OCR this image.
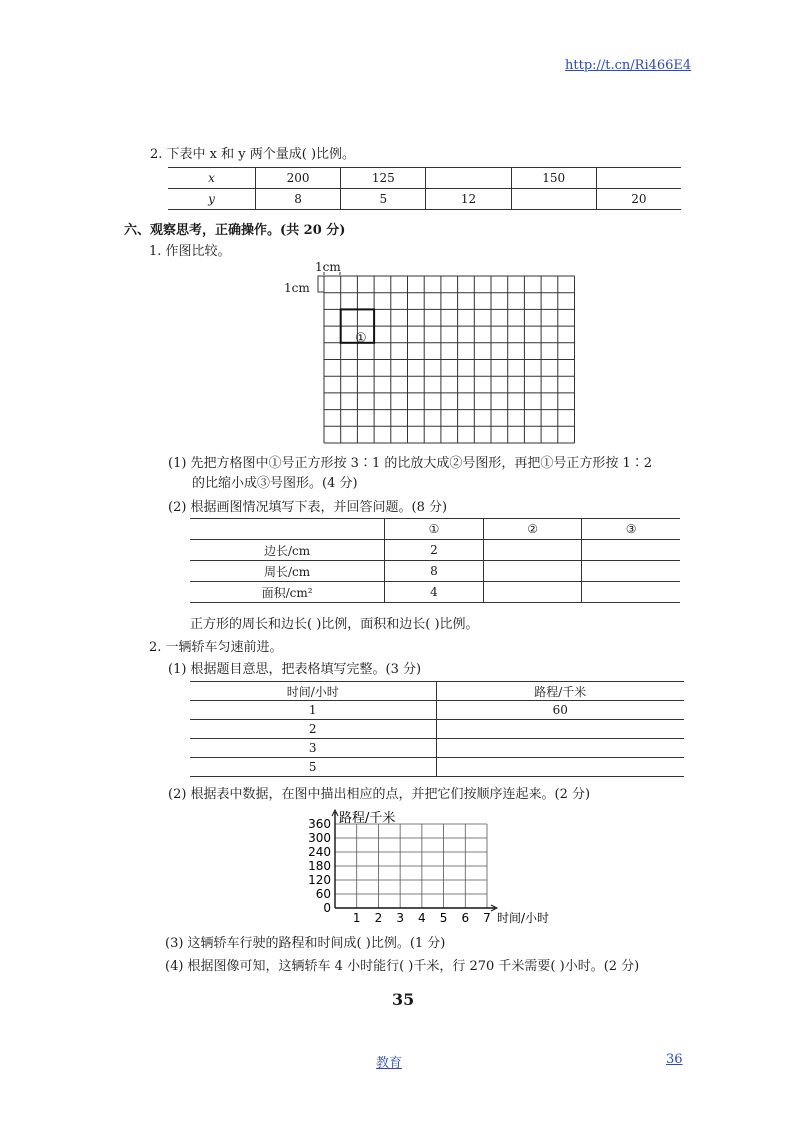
http://t.cn/Ri466E4
2. 下表中 x 和 y 两个量成( )比例。
x	200	125		150	
y	8	5	12		20
六、观察思考，正确操作。(共 20 分)
1. 作图比较。
1cm
1cm
①
(1) 先把方格图中①号正方形按 3∶1 的比放大成②号图形，再把①号正方形按 1∶2
的比缩小成③号图形。(4 分)
(2) 根据画图情况填写下表，并回答问题。(8 分)
	①	②	③
边长/cm	2		
周长/cm	8		
面积/cm²	4		
正方形的周长和边长( )比例，面积和边长( )比例。
2. 一辆轿车匀速前进。
(1) 根据题目意思，把表格填写完整。(3 分)
时间/小时	路程/千米
1	60
2	
3	
5	
(2) 根据表中数据，在图中描出相应的点，并把它们按顺序连起来。(2 分)
1 2 3 4 5 6 7
0
60
120
180
240
300
360 路程/千米
时间/小时
(3) 这辆轿车行驶的路程和时间成( )比例。(1 分)
(4) 根据图像可知，这辆轿车 4 小时能行( )千米，行 270 千米需要( )小时。(2 分)
35
教育	36
